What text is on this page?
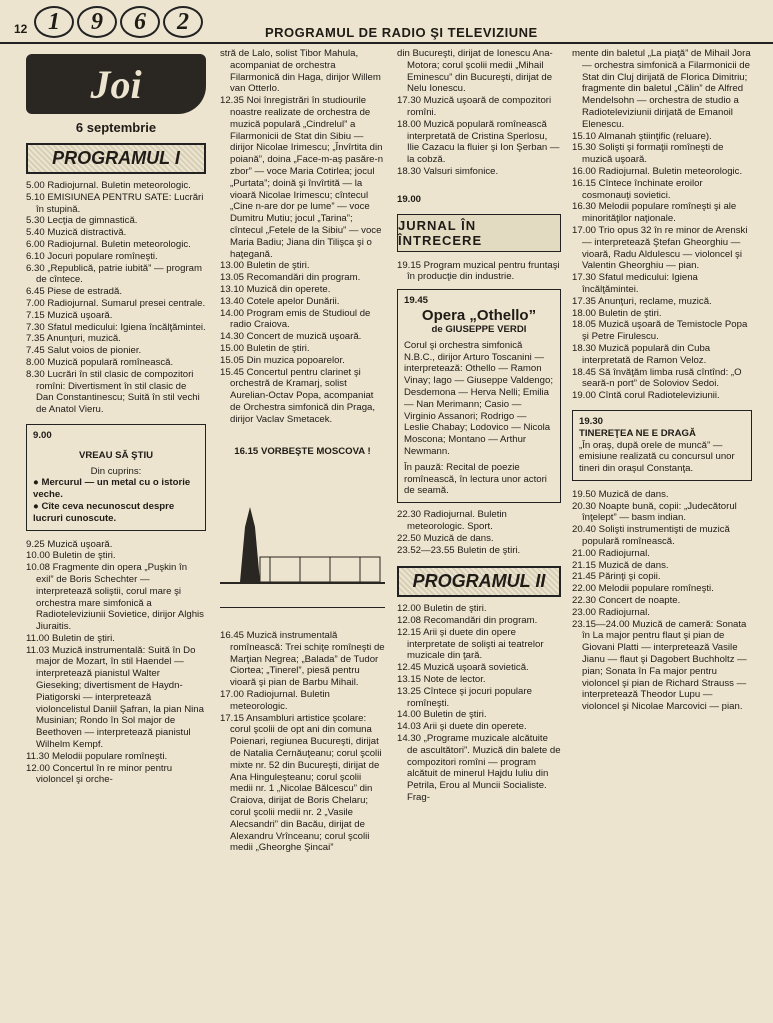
12 1	9	6	2	PROGRAMUL DE RADIO ŞI TELEVIZIUNE
Joi
6 septembrie
PROGRAMUL I

5.00 Radiojurnal. Buletin meteorologic.

5.10 EMISIUNEA PENTRU SATE: Lucrări în stupină.

5.30 Lecţia de gimnastică.

5.40 Muzică distractivă.

6.00 Radiojurnal. Buletin meteorologic.

6.10 Jocuri populare romîneşti.

6.30 „Republică, patrie iubită” — program de cîntece.

6.45 Piese de estradă.

7.00 Radiojurnal. Sumarul presei centrale.

7.15 Muzică uşoară.

7.30 Sfatul medicului: Igiena încălţămintei.

7.35 Anunţuri, muzică.

7.45 Salut voios de pionier.

8.00 Muzică populară romînească.

8.30 Lucrări în stil clasic de compozitori romîni: Divertisment în stil clasic de Dan Constantinescu; Suită în stil vechi de Anatol Vieru.

9.00
VREAU SĂ ŞTIU
Din cuprins:
● Mercurul — un metal cu o istorie veche.
● Cîte ceva necunoscut despre lucruri cunoscute.

9.25 Muzică uşoară.

10.00 Buletin de ştiri.

10.08 Fragmente din opera „Puşkin în exil” de Boris Schechter — interpretează soliştii, corul mare şi orchestra mare simfonică a Radioteleviziunii Sovietice, dirijor Alghis Jiuraitis.

11.00 Buletin de ştiri.

11.03 Muzică instrumentală: Suită în Do major de Mozart, în stil Haendel — interpretează pianistul Walter Gieseking; divertisment de Haydn-Piatigorski — interpretează violoncelistul Daniil Şafran, la pian Nina Musinian; Rondo în Sol major de Beethoven — interpretează pianistul Wilhelm Kempf.

11.30 Melodii populare romîneşti.

12.00 Concertul în re minor pentru violoncel şi orche-

stră de Lalo, solist Tibor Mahula, acompaniat de orchestra Filarmonică din Haga, dirijor Willem van Otterlo.

12.35 Noi înregistrări în studiourile noastre realizate de orchestra de muzică populară „Cindrelul” a Filarmonicii de Stat din Sibiu — dirijor Nicolae Irimescu; „Învîrtita din poiană”, doina „Face-m-aş pasăre-n zbor” — voce Maria Cotirlea; jocul „Purtata”; doină şi învîrtită — la vioară Nicolae Irimescu; cîntecul „Cine n-are dor pe lume” — voce Dumitru Mutiu; jocul „Tarina”; cîntecul „Fetele de la Sibiu” — voce Maria Badiu; Jiana din Tilişca şi o haţegană.

13.00 Buletin de ştiri.

13.05 Recomandări din program.

13.10 Muzică din operete.

13.40 Cotele apelor Dunării.

14.00 Program emis de Studioul de radio Craiova.

14.30 Concert de muzică uşoară.

15.00 Buletin de ştiri.

15.05 Din muzica popoarelor.

15.45 Concertul pentru clarinet şi orchestră de Kramarj, solist Aurelian-Octav Popa, acompaniat de Orchestra simfonică din Praga, dirijor Vaclav Smetacek.

16.15 VORBEŞTE MOSCOVA !

16.45 Muzică instrumentală romînească: Trei schiţe romîneşti de Marţian Negrea; „Balada” de Tudor Ciortea; „Tinerel”, piesă pentru vioară şi pian de Barbu Mihail.

17.00 Radiojurnal. Buletin meteorologic.

17.15 Ansambluri artistice şcolare: corul şcolii de opt ani din comuna Poienari, regiunea Bucureşti, dirijat de Natalia Cernăuţeanu; corul şcolii mixte nr. 52 din Bucureşti, dirijat de Ana Hinguleşteanu; corul şcolii medii nr. 1 „Nicolae Bălcescu” din Craiova, dirijat de Boris Chelaru; corul şcolii medii nr. 2 „Vasile Alecsandri” din Bacău, dirijat de Alexandru Vrînceanu; corul şcolii medii „Gheorghe Şincai”

din Bucureşti, dirijat de Ionescu Ana-Motora; corul şcolii medii „Mihail Eminescu” din Bucureşti, dirijat de Nelu Ionescu.

17.30 Muzică uşoară de compozitori romîni.

18.00 Muzică populară romînească interpretată de Cristina Sperlosu, Ilie Cazacu la fluier şi Ion Şerban — la cobză.

18.30 Valsuri simfonice.

19.00
JURNAL ÎN ÎNTRECERE

19.15 Program muzical pentru fruntaşi în producţie din industrie.

19.45
Opera „Othello”
de GIUSEPPE VERDI
Corul şi orchestra simfonică N.B.C., dirijor Arturo Toscanini — interpretează: Othello — Ramon Vinay; Iago — Giuseppe Valdengo; Desdemona — Herva Nelli; Emilia — Nan Merimann; Casio — Virginio Assanori; Rodrigo — Leslie Chabay; Lodovico — Nicola Moscona; Montano — Arthur Newmann.
În pauză: Recital de poezie romînească, în lectura unor actori de seamă.

22.30 Radiojurnal. Buletin meteorologic. Sport.

22.50 Muzică de dans.

23.52—23.55 Buletin de ştiri.

PROGRAMUL II

12.00 Buletin de ştiri.

12.08 Recomandări din program.

12.15 Arii şi duete din opere interpretate de solişti ai teatrelor muzicale din ţară.

12.45 Muzică uşoară sovietică.

13.15 Note de lector.

13.25 Cîntece şi jocuri populare romîneşti.

14.00 Buletin de ştiri.

14.03 Arii şi duete din operete.

14.30 „Programe muzicale alcătuite de ascultători”. Muzică din balete de compozitori romîni — program alcătuit de minerul Hajdu Iuliu din Petrila, Erou al Muncii Socialiste. Frag-

mente din baletul „La piaţă” de Mihail Jora — orchestra simfonică a Filarmonicii de Stat din Cluj dirijată de Florica Dimitriu; fragmente din baletul „Călin” de Alfred Mendelsohn — orchestra de studio a Radioteleviziunii dirijată de Emanoil Elenescu.

15.10 Almanah ştiinţific (reluare).

15.30 Solişti şi formaţii romîneşti de muzică uşoară.

16.00 Radiojurnal. Buletin meteorologic.

16.15 Cîntece închinate eroilor cosmonauţi sovietici.

16.30 Melodii populare romîneşti şi ale minorităţilor naţionale.

17.00 Trio opus 32 în re minor de Arenski — interpretează Ştefan Gheorghiu — vioară, Radu Aldulescu — violoncel şi Valentin Gheorghiu — pian.

17.30 Sfatul medicului: Igiena încălţămintei.

17.35 Anunţuri, reclame, muzică.

18.00 Buletin de ştiri.

18.05 Muzică uşoară de Temistocle Popa şi Petre Firulescu.

18.30 Muzică populară din Cuba interpretată de Ramon Veloz.

18.45 Să învăţăm limba rusă cîntînd: „O seară-n port” de Soloviov Sedoi.

19.00 Cîntă corul Radioteleviziunii.

19.30
TINEREŢEA NE E DRAGĂ
„În oraş, după orele de muncă” — emisiune realizată cu concursul unor tineri din oraşul Constanţa.

19.50 Muzică de dans.

20.30 Noapte bună, copii: „Judecătorul înţelept” — basm indian.

20.40 Solişti instrumentişti de muzică populară romînească.

21.00 Radiojurnal.

21.15 Muzică de dans.

21.45 Părinţi şi copii.

22.00 Melodii populare romîneşti.

22.30 Concert de noapte.

23.00 Radiojurnal.

23.15—24.00 Muzică de cameră: Sonata în La major pentru flaut şi pian de Giovani Platti — interpretează Vasile Jianu — flaut şi Dagobert Buchholtz — pian; Sonata în Fa major pentru violoncel şi pian de Richard Strauss — interpretează Theodor Lupu — violoncel şi Nicolae Marcovici — pian.
